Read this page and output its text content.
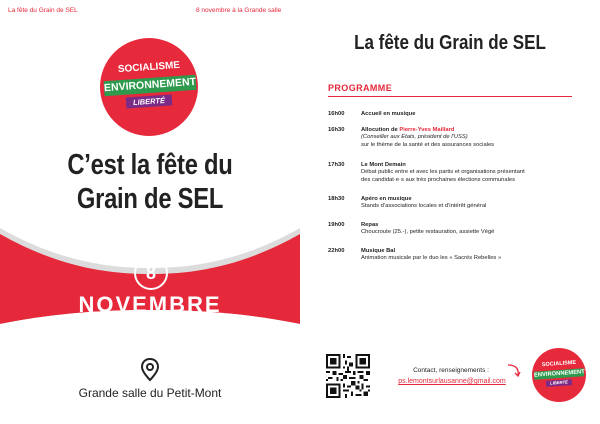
La fête du Grain de SEL	8 novembre à la Grande salle
SOCIALISME
ENVIRONNEMENT
LIBERTÉ
C’est la fête du
Grain de SEL
8
NOVEMBRE
Grande salle du Petit-Mont
La fête du Grain de SEL
PROGRAMME
16h00	Accueil en musique
16h30	Allocution de Pierre-Yves Maillard
(Conseiller aux États, président de l’USS)
sur le thème de la santé et des assurances sociales
17h30	Le Mont Demain
Débat public entre et avec les partis et organisations présentant
des candidat·e·s aux très prochaines élections communales
18h30	Apéro en musique
Stands d’associations locales et d’intérêt général
19h00	Repas
Choucroute (25.-), petite restauration, assiette Végé
22h00	Musique Bal
Animation musicale par le duo les « Sacrés Rebelles »
Contact, renseignements :
ps.lemontsurlausanne@gmail.com
SOCIALISME
ENVIRONNEMENT
LIBERTÉ
